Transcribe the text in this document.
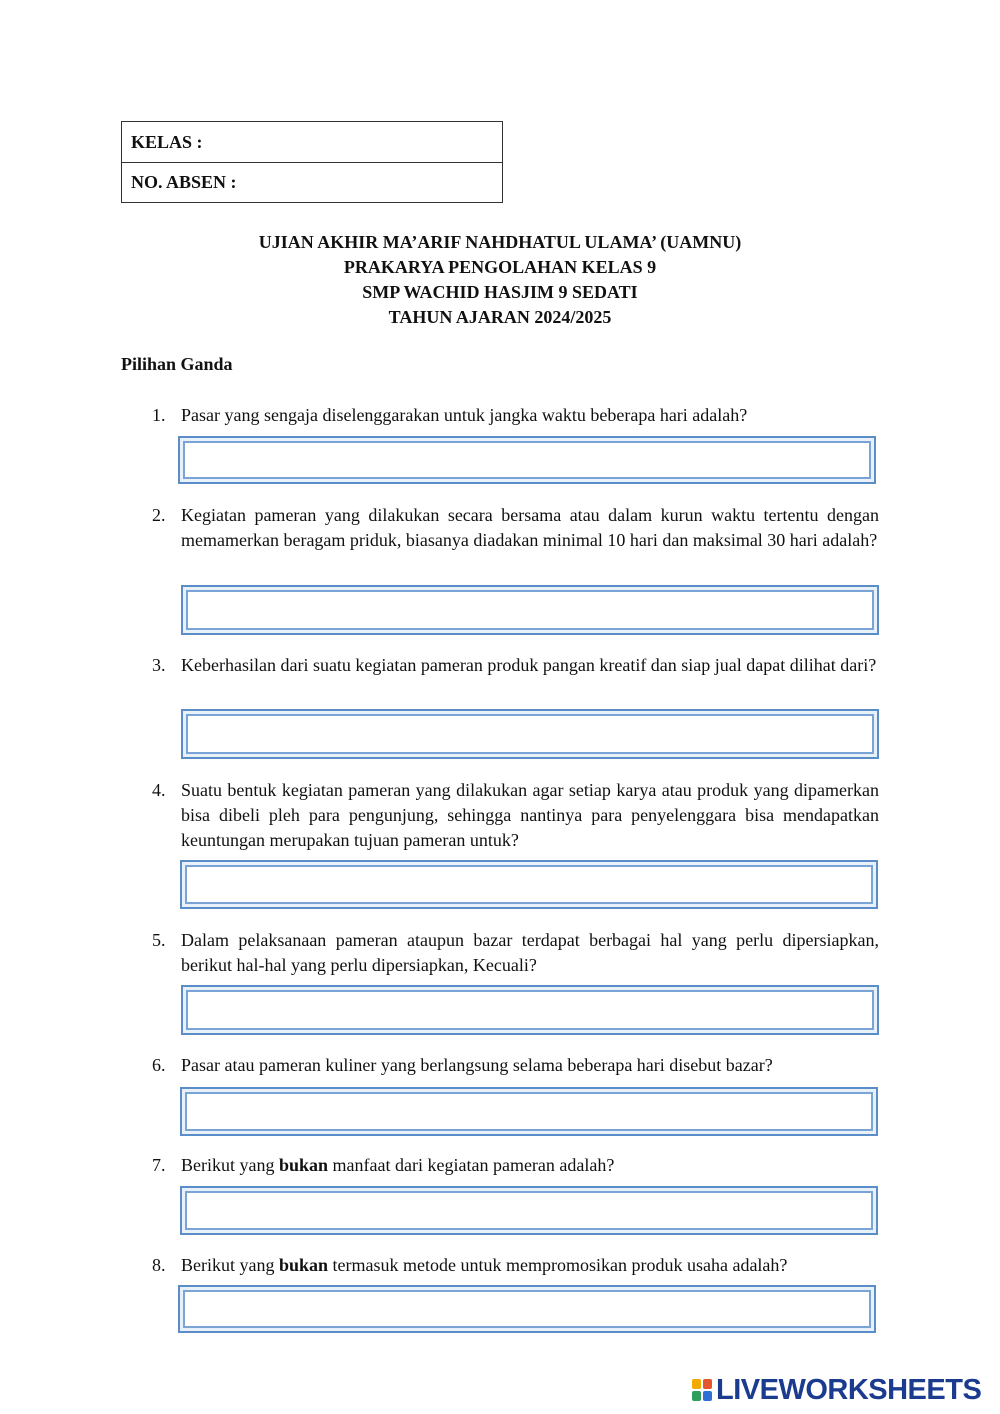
KELAS :
NO. ABSEN :
UJIAN AKHIR MA’ARIF NAHDHATUL ULAMA’ (UAMNU)
PRAKARYA PENGOLAHAN KELAS 9
SMP WACHID HASJIM 9 SEDATI
TAHUN AJARAN 2024/2025
Pilihan Ganda
1. Pasar yang sengaja diselenggarakan untuk jangka waktu beberapa hari adalah?
2. Kegiatan pameran yang dilakukan secara bersama atau dalam kurun waktu tertentu dengan memamerkan beragam priduk, biasanya diadakan minimal 10 hari dan maksimal 30 hari adalah?
3. Keberhasilan dari suatu kegiatan pameran produk pangan kreatif dan siap jual dapat dilihat dari?
4. Suatu bentuk kegiatan pameran yang dilakukan agar setiap karya atau produk yang dipamerkan bisa dibeli pleh para pengunjung, sehingga nantinya para penyelenggara bisa mendapatkan keuntungan merupakan tujuan pameran untuk?
5. Dalam pelaksanaan pameran ataupun bazar terdapat berbagai hal yang perlu dipersiapkan, berikut hal-hal yang perlu dipersiapkan, Kecuali?
6. Pasar atau pameran kuliner yang berlangsung selama beberapa hari disebut bazar?
7. Berikut yang bukan manfaat dari kegiatan pameran adalah?
8. Berikut yang bukan termasuk metode untuk mempromosikan produk usaha adalah?
LIVEWORKSHEETS
